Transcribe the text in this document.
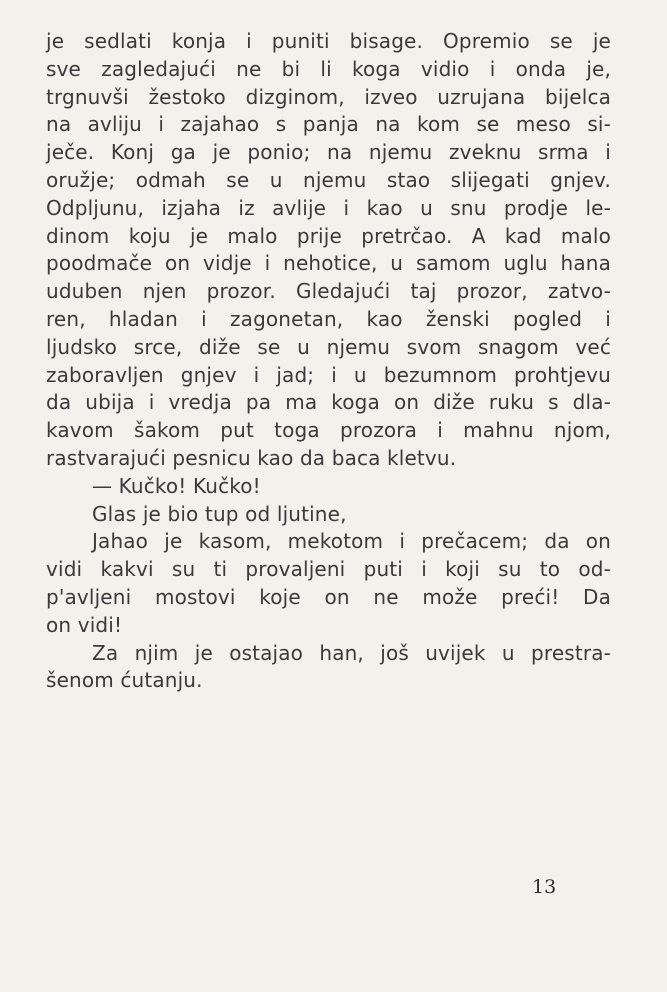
je sedlati konja i puniti bisage. Opremio se je
sve zagledajući ne bi li koga vidio i onda je,
trgnuvši žestoko dizginom, izveo uzrujana bijelca
na avliju i zajahao s panja na kom se meso si-
ječe. Konj ga je ponio; na njemu zveknu srma i
oružje; odmah se u njemu stao slijegati gnjev.
Odpljunu, izjaha iz avlije i kao u snu prodje le-
dinom koju je malo prije pretrčao. A kad malo
poodmače on vidje i nehotice, u samom uglu hana
uduben njen prozor. Gledajući taj prozor, zatvo-
ren, hladan i zagonetan, kao ženski pogled i
ljudsko srce, diže se u njemu svom snagom već
zaboravljen gnjev i jad; i u bezumnom prohtjevu
da ubija i vredja pa ma koga on diže ruku s dla-
kavom šakom put toga prozora i mahnu njom,
rastvarajući pesnicu kao da baca kletvu.
— Kučko! Kučko!
Glas je bio tup od ljutine,
Jahao je kasom, mekotom i prečacem; da on
vidi kakvi su ti provaljeni puti i koji su to od-
p'avljeni mostovi koje on ne može preći! Da
on vidi!
Za njim je ostajao han, još uvijek u prestra-
šenom ćutanju.
13
